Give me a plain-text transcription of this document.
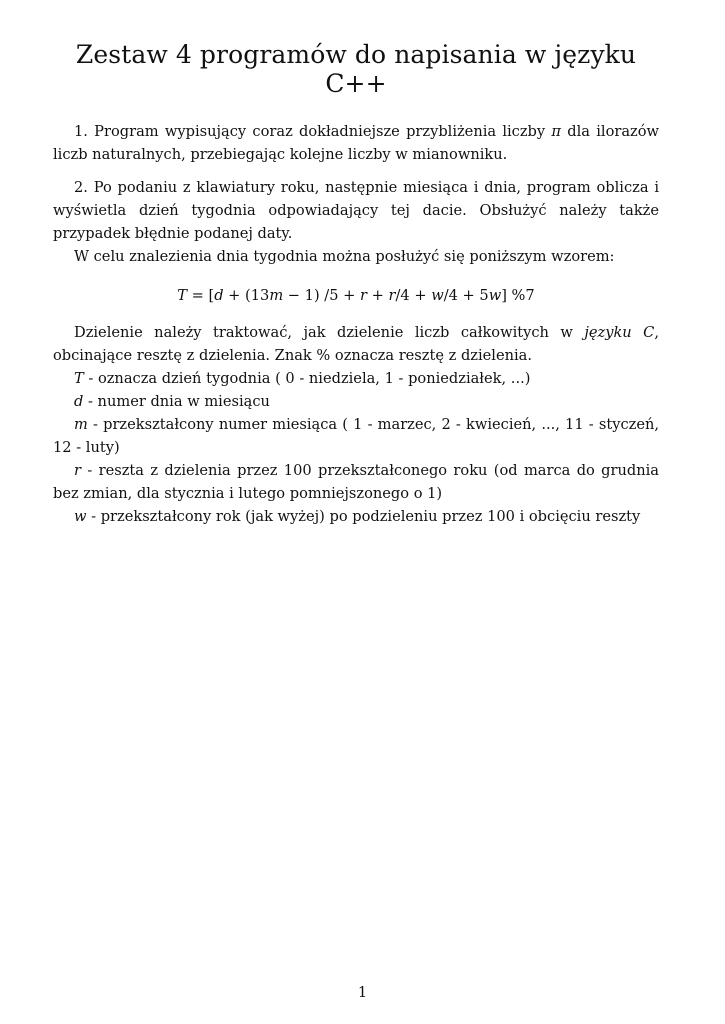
Zestaw 4 programów do napisania w języku C++

1. Program wypisujący coraz dokładniejsze przybliżenia liczby π dla ilorazów liczb naturalnych, przebiegając kolejne liczby w mianowniku.

2. Po podaniu z klawiatury roku, następnie miesiąca i dnia, program oblicza i wyświetla dzień tygodnia odpowiadający tej dacie. Obsłużyć należy także przypadek błędnie podanej daty.

W celu znalezienia dnia tygodnia można posłużyć się poniższym wzorem:

T = [d + (13m − 1) /5 + r + r/4 + w/4 + 5w] %7

Dzielenie należy traktować, jak dzielenie liczb całkowitych w języku C, obcinające resztę z dzielenia. Znak % oznacza resztę z dzielenia.

T - oznacza dzień tygodnia ( 0 - niedziela, 1 - poniedziałek, ...)

d - numer dnia w miesiącu

m - przekształcony numer miesiąca ( 1 - marzec, 2 - kwiecień, ..., 11 - styczeń, 12 - luty)

r - reszta z dzielenia przez 100 przekształconego roku (od marca do grudnia bez zmian, dla stycznia i lutego pomniejszonego o 1)

w - przekształcony rok (jak wyżej) po podzieleniu przez 100 i obcięciu reszty

1
